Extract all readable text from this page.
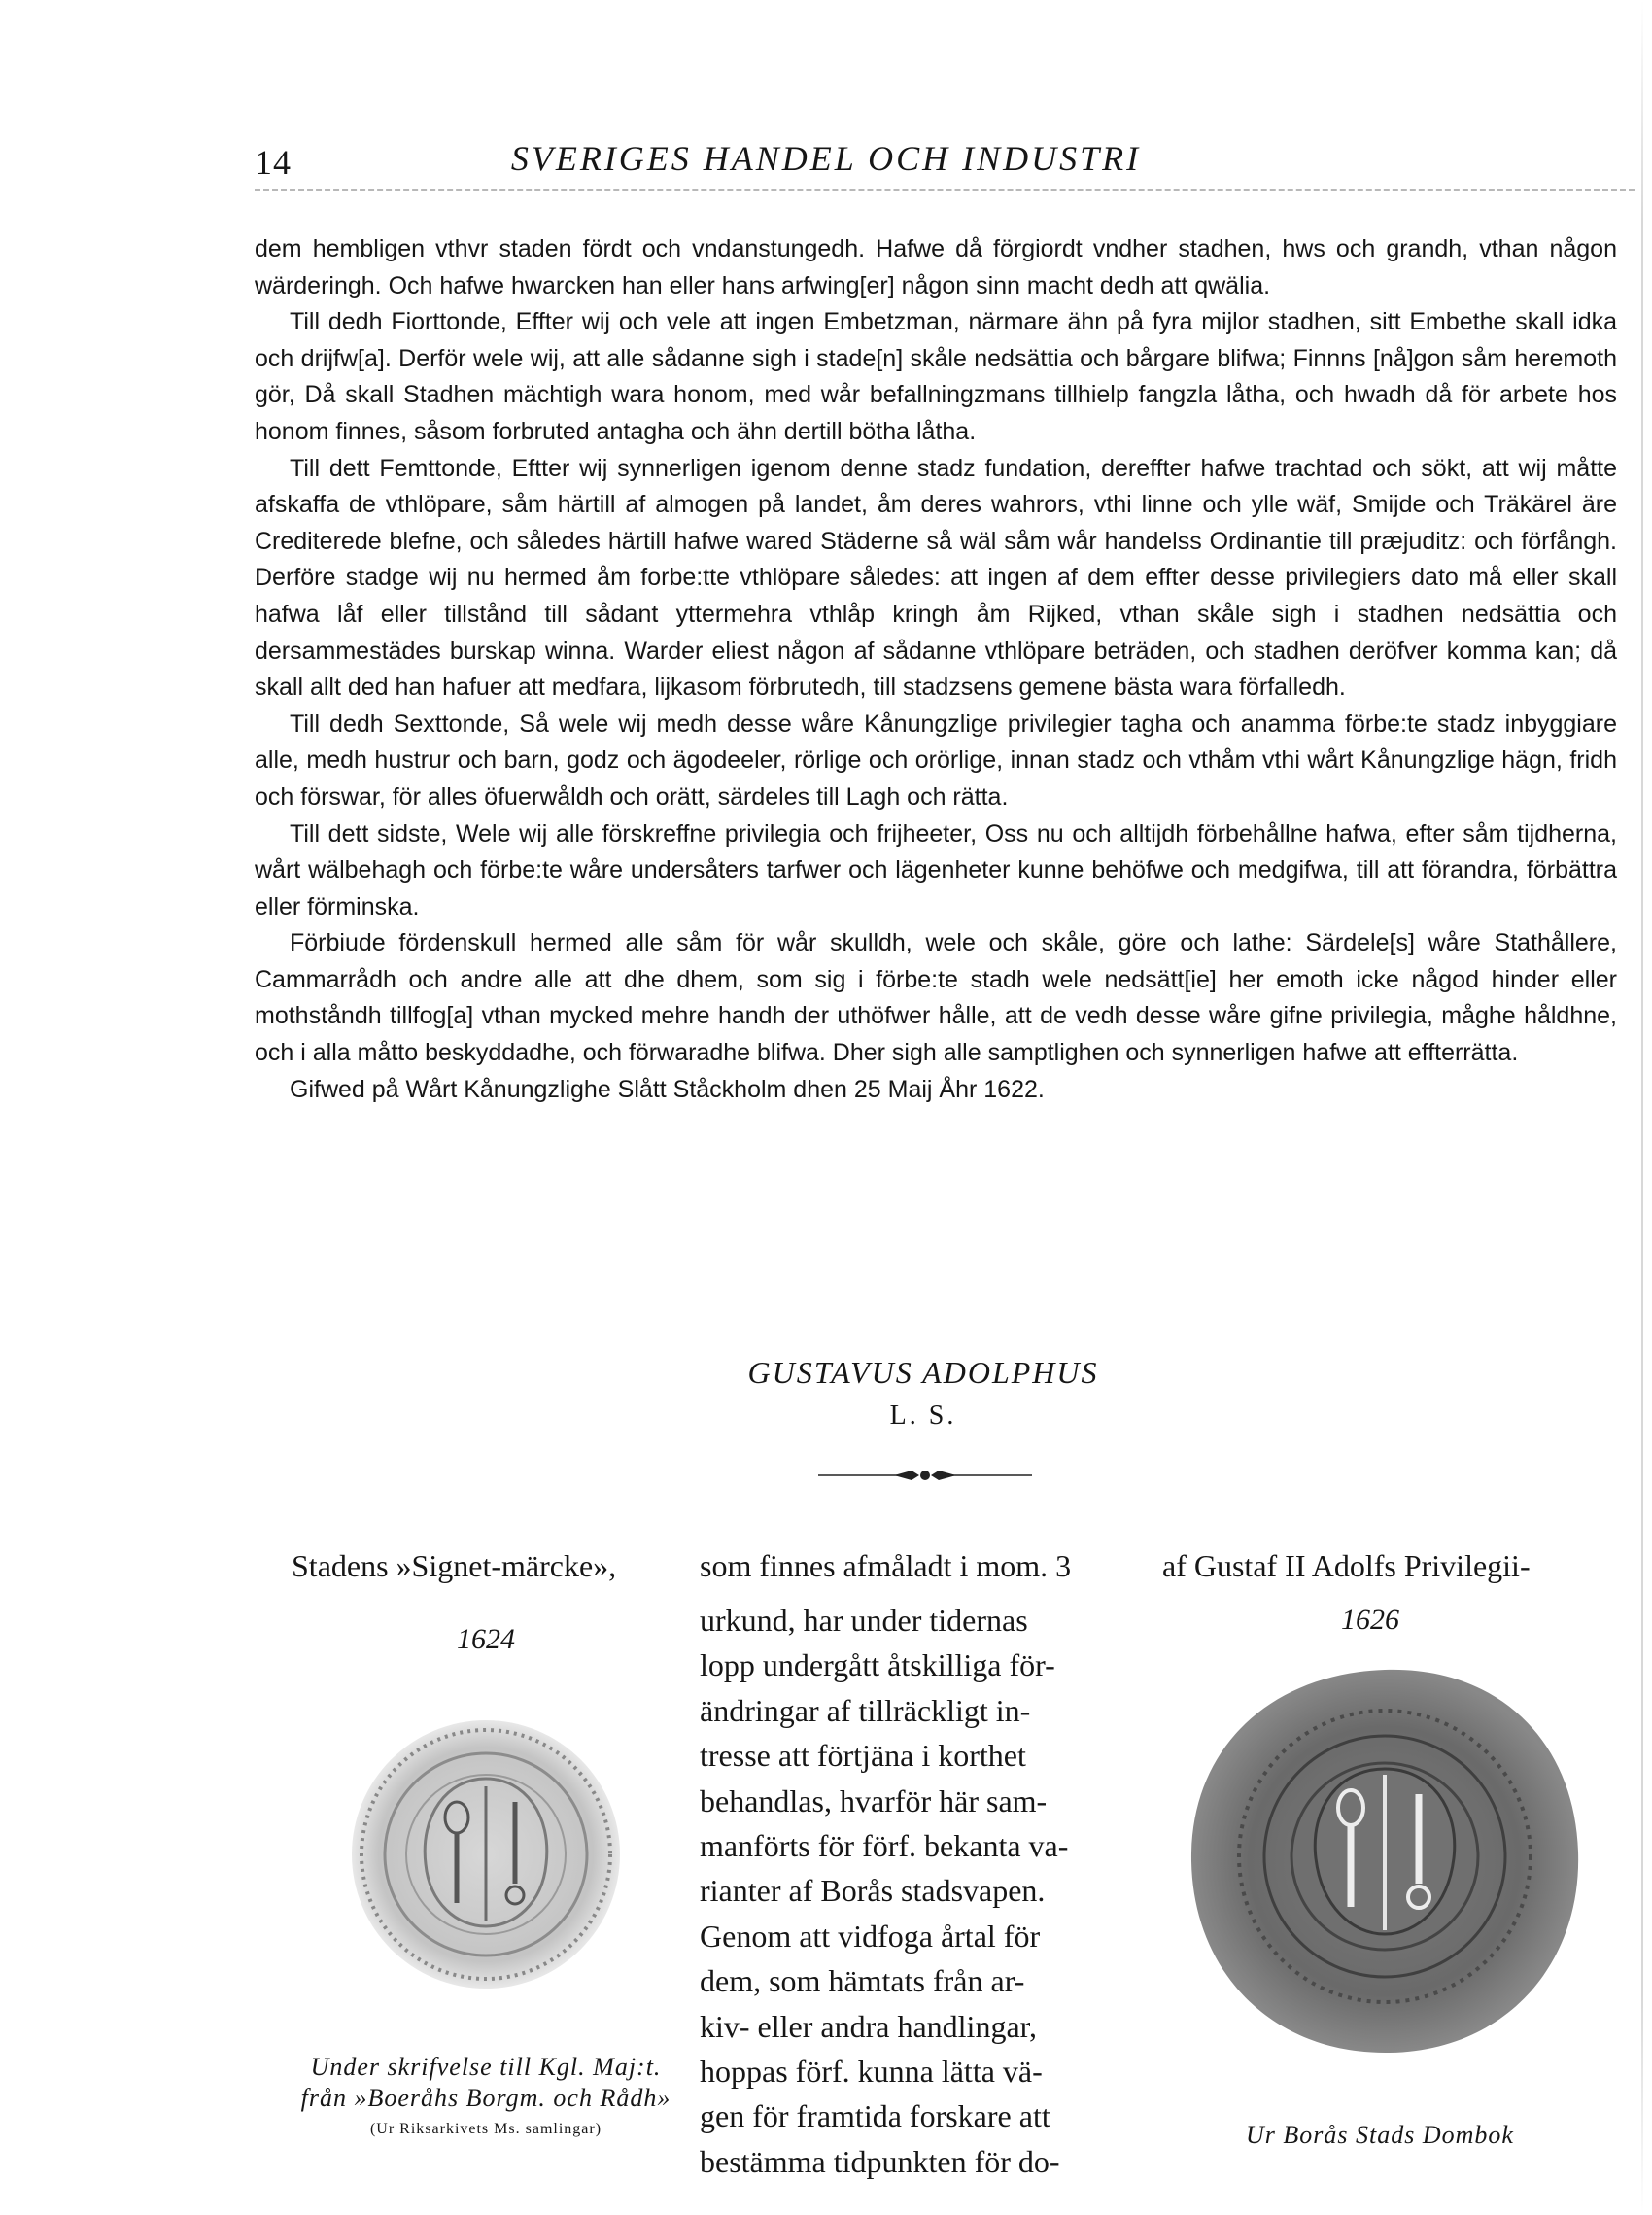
14	SVERIGES HANDEL OCH INDUSTRI

dem hembligen vthvr staden fördt och vndanstungedh. Hafwe då förgiordt vndher stadhen, hws och grandh, vthan någon wärderingh. Och hafwe hwarcken han eller hans arfwing[er] någon sinn macht dedh att qwälia.

Till dedh Fiorttonde, Effter wij och vele att ingen Embetzman, närmare ähn på fyra mijlor stadhen, sitt Embethe skall idka och drijfw[a]. Derför wele wij, att alle sådanne sigh i stade[n] skåle nedsättia och bårgare blifwa; Finnns [nå]gon såm heremoth gör, Då skall Stadhen mächtigh wara honom, med wår befallningzmans tillhielp fangzla låtha, och hwadh då för arbete hos honom finnes, såsom forbruted antagha och ähn dertill bötha låtha.

Till dett Femttonde, Eftter wij synnerligen igenom denne stadz fundation, dereffter hafwe trachtad och sökt, att wij måtte afskaffa de vthlöpare, såm härtill af almogen på landet, åm deres wahrors, vthi linne och ylle wäf, Smijde och Träkärel äre Crediterede blefne, och således härtill hafwe wared Städerne så wäl såm wår handelss Ordinantie till præjuditz: och förfångh. Derföre stadge wij nu hermed åm forbe:tte vthlöpare således: att ingen af dem effter desse privilegiers dato må eller skall hafwa låf eller tillstånd till sådant yttermehra vthlåp kringh åm Rijked, vthan skåle sigh i stadhen nedsättia och dersammestädes burskap winna. Warder eliest någon af sådanne vthlöpare beträden, och stadhen deröfver komma kan; då skall allt ded han hafuer att medfara, lijkasom förbrutedh, till stadzsens gemene bästa wara förfalledh.

Till dedh Sexttonde, Så wele wij medh desse wåre Kånungzlige privilegier tagha och anamma förbe:te stadz inbyggiare alle, medh hustrur och barn, godz och ägodeeler, rörlige och orörlige, innan stadz och vthåm vthi wårt Kånungzlige hägn, fridh och förswar, för alles öfuerwåldh och orätt, särdeles till Lagh och rätta.

Till dett sidste, Wele wij alle förskreffne privilegia och frijheeter, Oss nu och alltijdh förbehållne hafwa, efter såm tijdherna, wårt wälbehagh och förbe:te wåre undersåters tarfwer och lägenheter kunne behöfwe och medgifwa, till att förandra, förbättra eller förminska.

Förbiude fördenskull hermed alle såm för wår skulldh, wele och skåle, göre och lathe: Särdele[s] wåre Stathållere, Cammarrådh och andre alle att dhe dhem, som sig i förbe:te stadh wele nedsätt[ie] her emoth icke någod hinder eller mothståndh tillfog[a] vthan mycked mehre handh der uthöfwer hålle, att de vedh desse wåre gifne privilegia, måghe håldhne, och i alla måtto beskyddadhe, och förwaradhe blifwa. Dher sigh alle samptlighen och synnerligen hafwe att effterrätta.

Gifwed på Wårt Kånungzlighe Slått Ståckholm dhen 25 Maij Åhr 1622.

GUSTAVUS ADOLPHUS
L. S.
Stadens »Signet-märcke»,	som finnes afmåladt i mom. 3	af Gustaf II Adolfs Privilegii-
1624
1626
urkund, har under tidernas
lopp undergått åtskilliga för-
ändringar af tillräckligt in-
tresse att förtjäna i korthet
behandlas, hvarför här sam-
manförts för förf. bekanta va-
rianter af Borås stadsvapen.
Genom att vidfoga årtal för
dem, som hämtats från ar-
kiv- eller andra handlingar,
hoppas förf. kunna lätta vä-
gen för framtida forskare att
bestämma tidpunkten för do-
Under skrifvelse till Kgl. Maj:t.
från »Boeråhs Borgm. och Rådh»
(Ur Riksarkivets Ms. samlingar)	Ur Borås Stads Dombok
